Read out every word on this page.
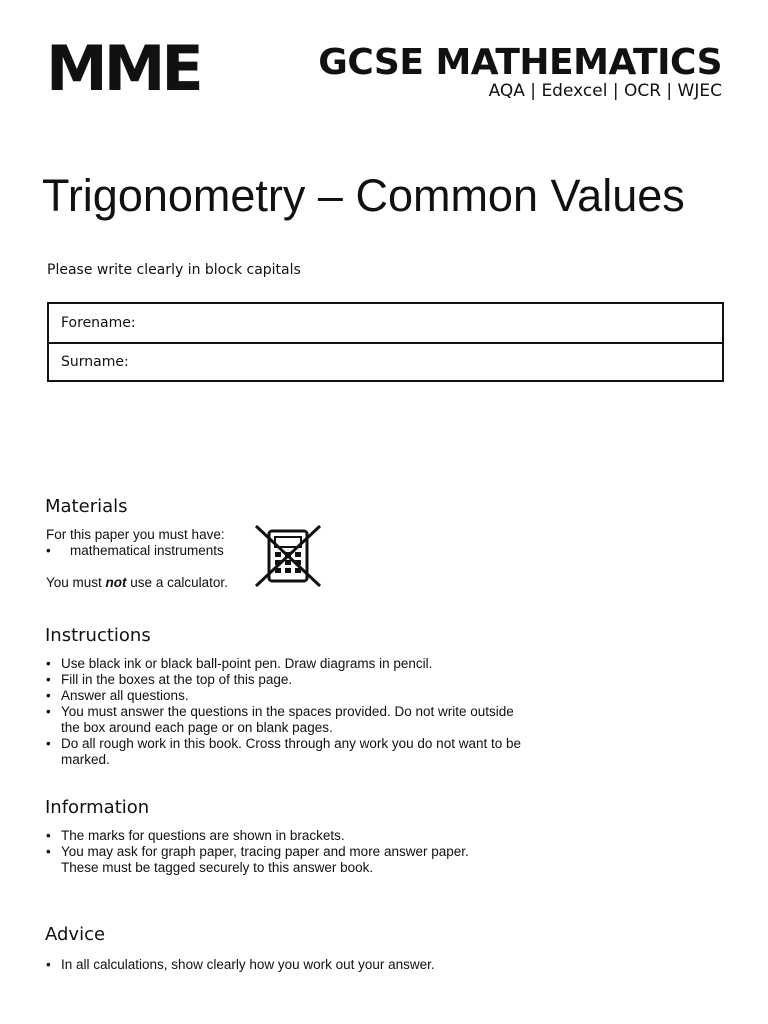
MME	GCSE MATHEMATICS
AQA | Edexcel | OCR | WJEC
Trigonometry – Common Values
Please write clearly in block capitals
Forename:
Surname:
Materials
For this paper you must have:
• mathematical instruments
You must not use a calculator.
Instructions
• Use black ink or black ball-point pen. Draw diagrams in pencil.
• Fill in the boxes at the top of this page.
• Answer all questions.
• You must answer the questions in the spaces provided. Do not write outside the box around each page or on blank pages.
• Do all rough work in this book. Cross through any work you do not want to be marked.
Information
• The marks for questions are shown in brackets.
• You may ask for graph paper, tracing paper and more answer paper. These must be tagged securely to this answer book.
Advice
• In all calculations, show clearly how you work out your answer.
